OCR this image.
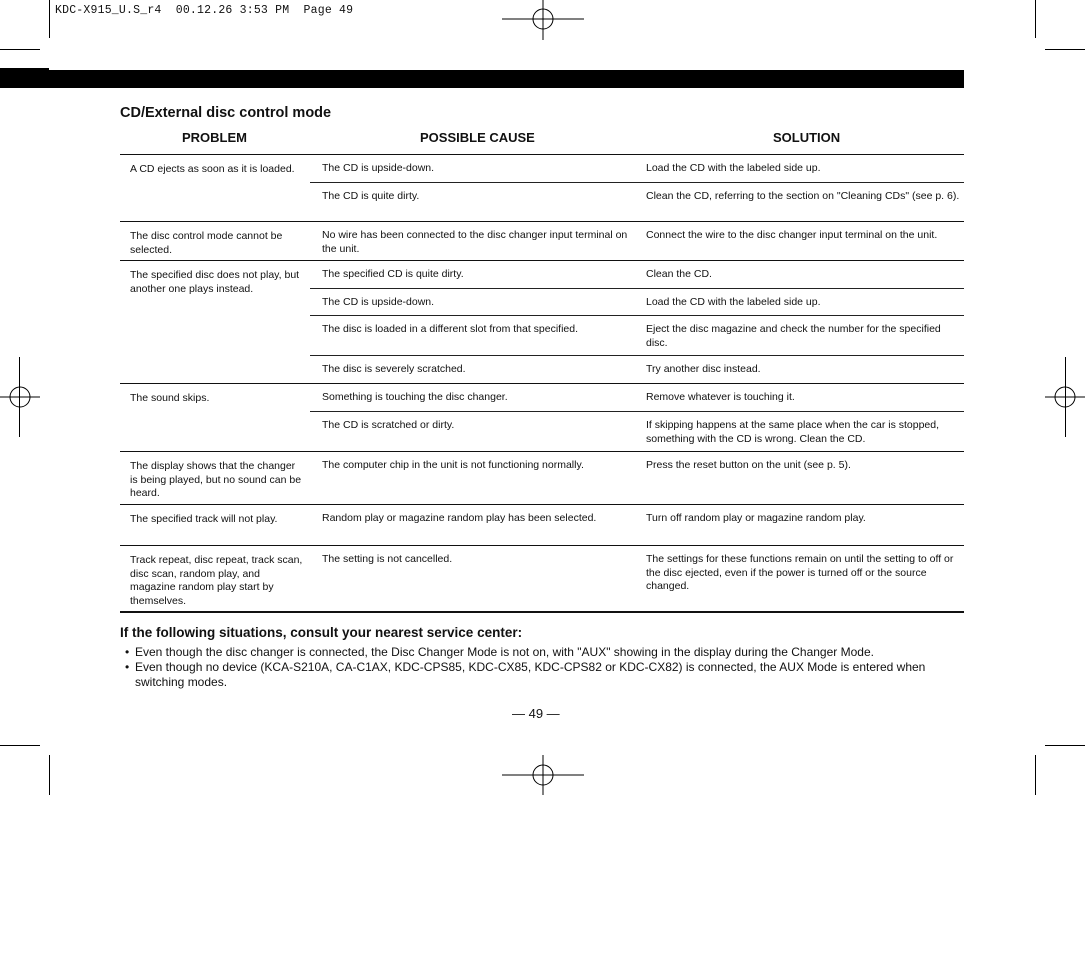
KDC-X915_U.S_r4  00.12.26 3:53 PM  Page 49
CD/External disc control mode
PROBLEM	POSSIBLE CAUSE	SOLUTION
A CD ejects as soon as it is loaded.	The CD is upside-down.	Load the CD with the labeled side up.
	The CD is quite dirty.	Clean the CD, referring to the section on "Cleaning CDs" (see p. 6).
The disc control mode cannot be selected.	No wire has been connected to the disc changer input terminal on the unit.	Connect the wire to the disc changer input terminal on the unit.
The specified disc does not play, but another one plays instead.	The specified CD is quite dirty.	Clean the CD.
	The CD is upside-down.	Load the CD with the labeled side up.
	The disc is loaded in a different slot from that specified.	Eject the disc magazine and check the number for the specified disc.
	The disc is severely scratched.	Try another disc instead.
The sound skips.	Something is touching the disc changer.	Remove whatever is touching it.
	The CD is scratched or dirty.	If skipping happens at the same place when the car is stopped, something with the CD is wrong. Clean the CD.
The display shows that the changer is being played, but no sound can be heard.	The computer chip in the unit is not functioning normally.	Press the reset button on the unit (see p. 5).
The specified track will not play.	Random play or magazine random play has been selected.	Turn off random play or magazine random play.
Track repeat, disc repeat, track scan, disc scan, random play, and magazine random play start by themselves.	The setting is not cancelled.	The settings for these functions remain on until the setting to off or the disc ejected, even if the power is turned off or the source changed.
If the following situations, consult your nearest service center:
• Even though the disc changer is connected, the Disc Changer Mode is not on, with "AUX" showing in the display during the Changer Mode.
• Even though no device (KCA-S210A, CA-C1AX, KDC-CPS85, KDC-CX85, KDC-CPS82 or KDC-CX82) is connected, the AUX Mode is entered when switching modes.
— 49 —
